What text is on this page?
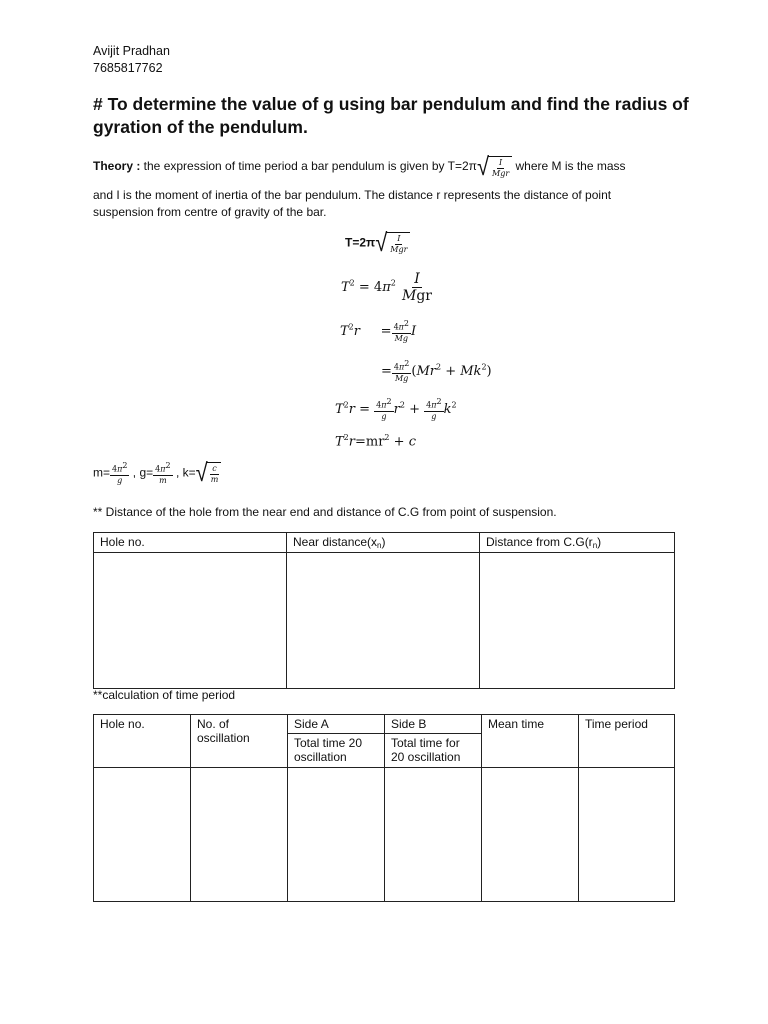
Avijit Pradhan
7685817762
# To determine the value of g using bar pendulum and find the radius of gyration of the pendulum.
Theory : the expression of time period a bar pendulum is given by T=2π √ $\frac{I}{\text{Mgr}}$ where M is the mass
and I is the moment of inertia of the bar pendulum. The distance r represents the distance of point
suspension from centre of gravity of the bar.
T=2π √ $\frac{I}{\text{Mgr}}$
$T^2 = 4\pi^2 \frac{I}{\text{Mgr}}$
$T^2r$     = $\frac{4\pi^2}{Mg}$ I
= $\frac{4\pi^2}{Mg} (Mr^2 + Mk^2)$
$T^2r = \frac{4\pi^2}{g} r^2 + \frac{4\pi^2}{g} k^2$
$T^2r=mr^2 + c$
$m= \frac{4\pi^2}{g}$ , $g= \frac{4\pi^2}{m}$ , k= √ $\frac{c}{m}$
** Distance of the hole from the near end and distance of C.G from point of suspension.
Hole no.	Near $distance(x_n)$	Distance from $C.G(r_n)$

**calculation of time period
Hole no.	No. of oscillation	Side A	Side B	Mean time	Time period
		Total time 20 oscillation	Total time for 20 oscillation		
